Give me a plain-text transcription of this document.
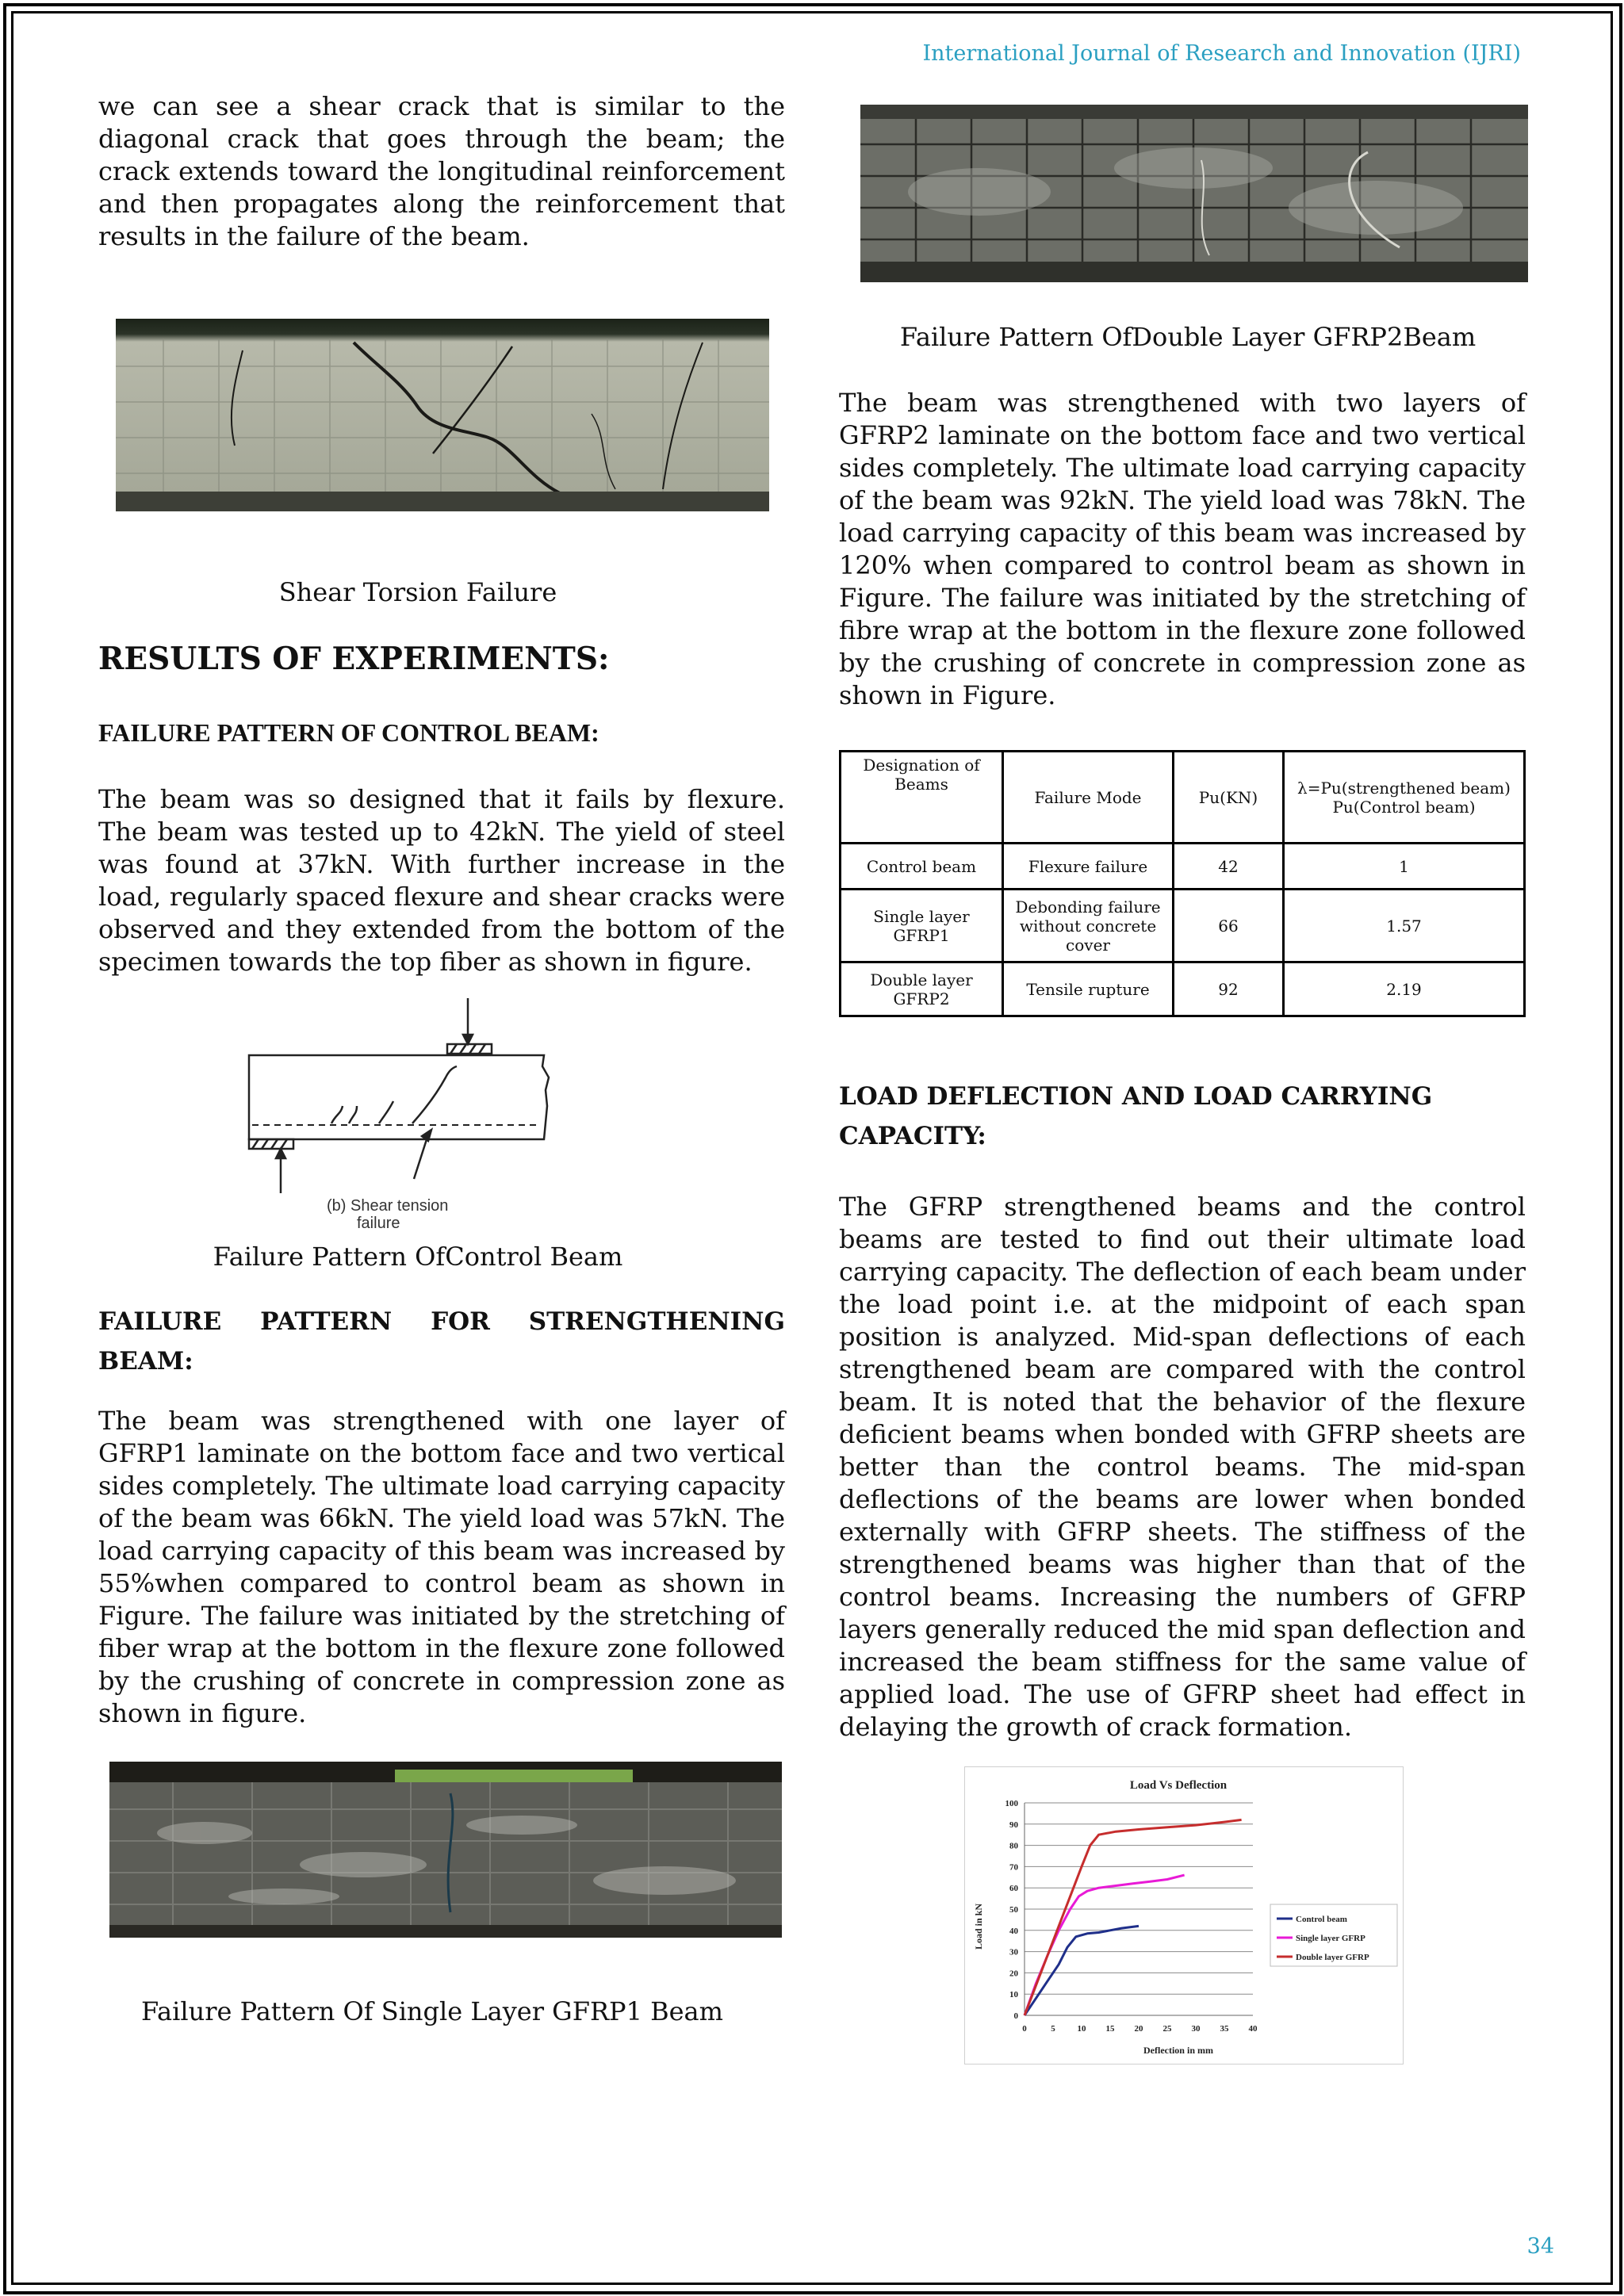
International Journal of Research and Innovation (IJRI)

we can see a shear crack that is similar to the diagonal crack that goes through the beam; the crack extends toward the longitudinal reinforcement and then propagates along the reinforcement that results in the failure of the beam.

Shear Torsion Failure

RESULTS OF EXPERIMENTS:
FAILURE PATTERN OF CONTROL BEAM:

The beam was so designed that it fails by flexure. The beam was tested up to 42kN. The yield of steel was found at 37kN. With further increase in the load, regularly spaced flexure and shear cracks were observed and they extended from the bottom of the specimen towards the top fiber as shown in figure.

(b) Shear tension
failure

Failure Pattern OfControl Beam

FAILURE PATTERN FOR STRENGTHENING BEAM:

The beam was strengthened with one layer of GFRP1 laminate on the bottom face and two vertical sides completely. The ultimate load carrying capacity of the beam was 66kN. The yield load was 57kN. The load carrying capacity of this beam was increased by 55%when compared to control beam as shown in Figure. The failure was initiated by the stretching of fiber wrap at the bottom in the flexure zone followed by the crushing of concrete in compression zone as shown in figure.

Failure Pattern Of Single Layer GFRP1 Beam

Failure Pattern OfDouble Layer GFRP2Beam

The beam was strengthened with two layers of GFRP2 laminate on the bottom face and two vertical sides completely. The ultimate load carrying capacity of the beam was 92kN. The yield load was 78kN. The load carrying capacity of this beam was increased by 120% when compared to control beam as shown in Figure. The failure was initiated by the stretching of fibre wrap at the bottom in the flexure zone followed by the crushing of concrete in compression zone as shown in Figure.

Designation of Beams	Failure Mode	Pu(KN)	λ=Pu(strengthened beam) Pu(Control beam)
Control beam	Flexure failure	42	1
Single layer GFRP1	Debonding failure without concrete cover	66	1.57
Double layer GFRP2	Tensile rupture	92	2.19
LOAD DEFLECTION AND LOAD CARRYING CAPACITY:

The GFRP strengthened beams and the control beams are tested to find out their ultimate load carrying capacity. The deflection of each beam under the load point i.e. at the midpoint of each span position is analyzed. Mid-span deflections of each strengthened beam are compared with the control beam. It is noted that the behavior of the flexure deficient beams when bonded with GFRP sheets are better than the control beams. The mid-span deflections of the beams are lower when bonded externally with GFRP sheets. The stiffness of the strengthened beams was higher than that of the control beams. Increasing the numbers of GFRP layers generally reduced the mid span deflection and increased the beam stiffness for the same value of applied load. The use of GFRP sheet had effect in delaying the growth of crack formation.

Load Vs Deflection
0
10
20
30
40
50
60
70
80
90
100
0	5	10 15 20 25 30 35 40
Control beam
Single layer GFRP
Double layer GFRP
Deflection in mm
Load in kN
34
